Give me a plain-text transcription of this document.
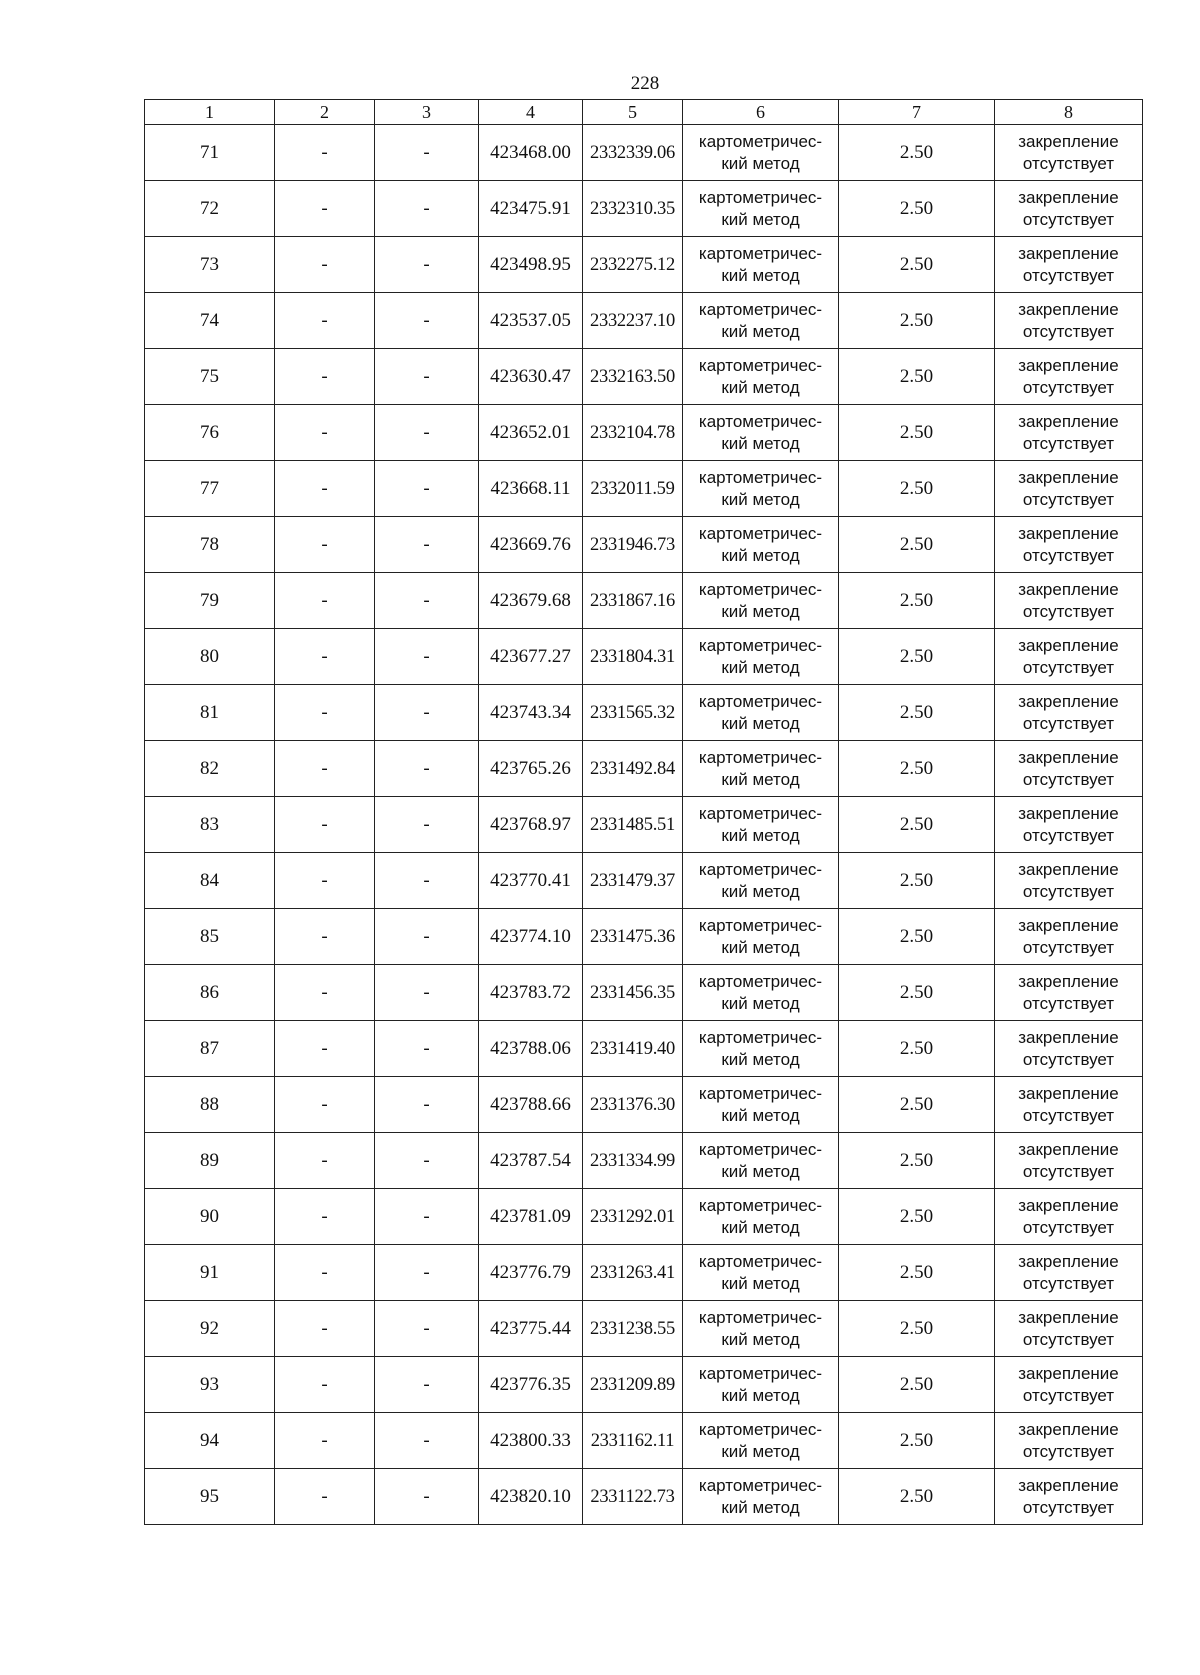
228
1	2	3	4	5	6	7	8
71	-	-	423468.00	2332339.06	картометричес-
кий метод	2.50	закрепление
отсутствует

72	-	-	423475.91	2332310.35	картометричес-
кий метод	2.50	закрепление
отсутствует

73	-	-	423498.95	2332275.12	картометричес-
кий метод	2.50	закрепление
отсутствует

74	-	-	423537.05	2332237.10	картометричес-
кий метод	2.50	закрепление
отсутствует

75	-	-	423630.47	2332163.50	картометричес-
кий метод	2.50	закрепление
отсутствует

76	-	-	423652.01	2332104.78	картометричес-
кий метод	2.50	закрепление
отсутствует

77	-	-	423668.11	2332011.59	картометричес-
кий метод	2.50	закрепление
отсутствует

78	-	-	423669.76	2331946.73	картометричес-
кий метод	2.50	закрепление
отсутствует

79	-	-	423679.68	2331867.16	картометричес-
кий метод	2.50	закрепление
отсутствует

80	-	-	423677.27	2331804.31	картометричес-
кий метод	2.50	закрепление
отсутствует

81	-	-	423743.34	2331565.32	картометричес-
кий метод	2.50	закрепление
отсутствует

82	-	-	423765.26	2331492.84	картометричес-
кий метод	2.50	закрепление
отсутствует

83	-	-	423768.97	2331485.51	картометричес-
кий метод	2.50	закрепление
отсутствует

84	-	-	423770.41	2331479.37	картометричес-
кий метод	2.50	закрепление
отсутствует

85	-	-	423774.10	2331475.36	картометричес-
кий метод	2.50	закрепление
отсутствует

86	-	-	423783.72	2331456.35	картометричес-
кий метод	2.50	закрепление
отсутствует

87	-	-	423788.06	2331419.40	картометричес-
кий метод	2.50	закрепление
отсутствует

88	-	-	423788.66	2331376.30	картометричес-
кий метод	2.50	закрепление
отсутствует

89	-	-	423787.54	2331334.99	картометричес-
кий метод	2.50	закрепление
отсутствует

90	-	-	423781.09	2331292.01	картометричес-
кий метод	2.50	закрепление
отсутствует

91	-	-	423776.79	2331263.41	картометричес-
кий метод	2.50	закрепление
отсутствует

92	-	-	423775.44	2331238.55	картометричес-
кий метод	2.50	закрепление
отсутствует

93	-	-	423776.35	2331209.89	картометричес-
кий метод	2.50	закрепление
отсутствует

94	-	-	423800.33	2331162.11	картометричес-
кий метод	2.50	закрепление
отсутствует

95	-	-	423820.10	2331122.73	картометричес-
кий метод	2.50	закрепление
отсутствует
